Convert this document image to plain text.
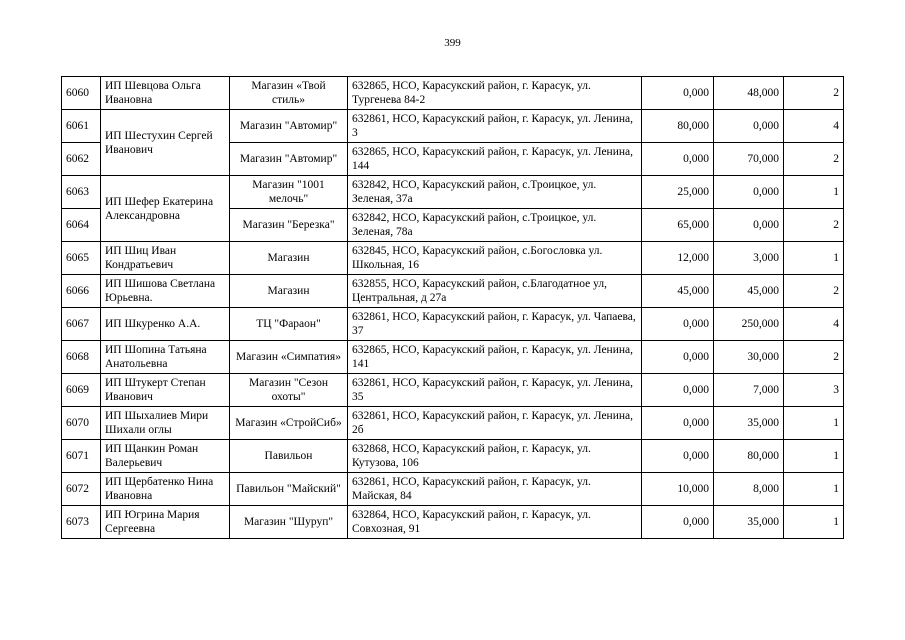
399
6060	ИП Шевцова Ольга Ивановна	Магазин «Твой стиль»	632865, НСО, Карасукский район, г. Карасук, ул. Тургенева 84-2	0,000	48,000	2
6061	ИП Шестухин Сергей Иванович	Магазин "Автомир"	632861, НСО, Карасукский район, г. Карасук, ул. Ленина, 3	80,000	0,000	4
6062		Магазин "Автомир"	632865, НСО, Карасукский район, г. Карасук, ул. Ленина, 144	0,000	70,000	2
6063	ИП Шефер Екатерина Александровна	Магазин "1001 мелочь"	632842, НСО, Карасукский район, с.Троицкое, ул. Зеленая, 37а	25,000	0,000	1
6064		Магазин "Березка"	632842, НСО, Карасукский район, с.Троицкое, ул. Зеленая, 78а	65,000	0,000	2
6065	ИП Шиц Иван Кондратьевич	Магазин	632845, НСО, Карасукский район, с.Богословка ул. Школьная, 16	12,000	3,000	1
6066	ИП Шишова Светлана Юрьевна.	Магазин	632855, НСО, Карасукский район, с.Благодатное ул, Центральная, д 27а	45,000	45,000	2
6067	ИП Шкуренко А.А.	ТЦ "Фараон"	632861, НСО, Карасукский район, г. Карасук, ул. Чапаева, 37	0,000	250,000	4
6068	ИП Шопина Татьяна Анатольевна	Магазин «Симпатия»	632865, НСО, Карасукский район, г. Карасук, ул. Ленина, 141	0,000	30,000	2
6069	ИП Штукерт Степан Иванович	Магазин "Сезон охоты"	632861, НСО, Карасукский район, г. Карасук, ул. Ленина, 35	0,000	7,000	3
6070	ИП Шыхалиев Мири Шихали оглы	Магазин «СтройСиб»	632861, НСО, Карасукский район, г. Карасук, ул. Ленина, 2б	0,000	35,000	1
6071	ИП Щанкин Роман Валерьевич	Павильон	632868, НСО, Карасукский район, г. Карасук, ул. Кутузова, 106	0,000	80,000	1
6072	ИП Щербатенко Нина Ивановна	Павильон "Майский"	632861, НСО, Карасукский район, г. Карасук, ул. Майская, 84	10,000	8,000	1
6073	ИП Югрина Мария Сергеевна	Магазин "Шуруп"	632864, НСО, Карасукский район, г. Карасук, ул. Совхозная, 91	0,000	35,000	1
